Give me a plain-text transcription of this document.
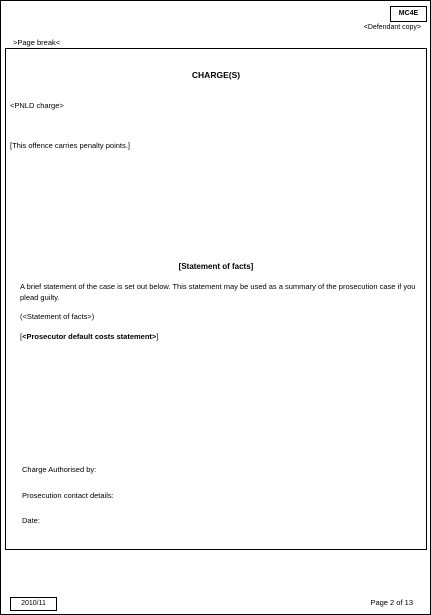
MC4E
<Defendant copy>
>Page break<
CHARGE(S)
<PNLD charge>
[This offence carries penalty points.]
[Statement of facts]
A brief statement of the case is set out below. This statement may be used as a summary of the prosecution case if you plead guilty.
(<Statement of facts>)
[<Prosecutor default costs statement>]
Charge Authorised by:
Prosecution contact details:
Date:
2010/11	Page 2 of 13
